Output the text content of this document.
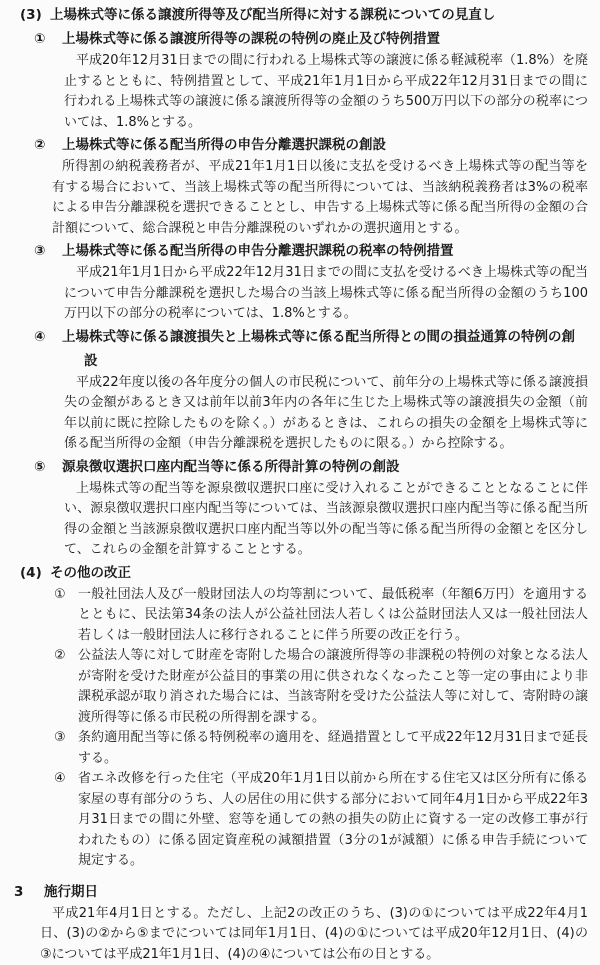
(3) 上場株式等に係る譲渡所得等及び配当所得に対する課税についての見直し
① 上場株式等に係る譲渡所得等の課税の特例の廃止及び特例措置

平成20年12月31日までの間に行われる上場株式等の譲渡に係る軽減税率（1.8%）を廃止するとともに、特例措置として、平成21年1月1日から平成22年12月31日までの間に行われる上場株式等の譲渡に係る譲渡所得等の金額のうち500万円以下の部分の税率については、1.8%とする。

② 上場株式等に係る配当所得の申告分離選択課税の創設

所得割の納税義務者が、平成21年1月1日以後に支払を受けるべき上場株式等の配当等を有する場合において、当該上場株式等の配当所得については、当該納税義務者は3%の税率による申告分離課税を選択できることとし、申告する上場株式等に係る配当所得の金額の合計額について、総合課税と申告分離課税のいずれかの選択適用とする。

③ 上場株式等に係る配当所得の申告分離選択課税の税率の特例措置

平成21年1月1日から平成22年12月31日までの間に支払を受けるべき上場株式等の配当について申告分離課税を選択した場合の当該上場株式等に係る配当所得の金額のうち100万円以下の部分の税率については、1.8%とする。

④ 上場株式等に係る譲渡損失と上場株式等に係る配当所得との間の損益通算の特例の創
設

平成22年度以後の各年度分の個人の市民税について、前年分の上場株式等に係る譲渡損失の金額があるとき又は前年以前3年内の各年に生じた上場株式等の譲渡損失の金額（前年以前に既に控除したものを除く。）があるときは、これらの損失の金額を上場株式等に係る配当所得の金額（申告分離課税を選択したものに限る。）から控除する。

⑤ 源泉徴収選択口座内配当等に係る所得計算の特例の創設

上場株式等の配当等を源泉徴収選択口座に受け入れることができることとなることに伴い、源泉徴収選択口座内配当等については、当該源泉徴収選択口座内配当等に係る配当所得の金額と当該源泉徴収選択口座内配当等以外の配当等に係る配当所得の金額とを区分して、これらの金額を計算することとする。

(4) その他の改正
① 一般社団法人及び一般財団法人の均等割について、最低税率（年額6万円）を適用するとともに、民法第34条の法人が公益社団法人若しくは公益財団法人又は一般社団法人若しくは一般財団法人に移行されることに伴う所要の改正を行う。
② 公益法人等に対して財産を寄附した場合の譲渡所得等の非課税の特例の対象となる法人が寄附を受けた財産が公益目的事業の用に供されなくなったこと等一定の事由により非課税承認が取り消された場合には、当該寄附を受けた公益法人等に対して、寄附時の譲渡所得等に係る市民税の所得割を課する。
③ 条約適用配当等に係る特例税率の適用を、経過措置として平成22年12月31日まで延長する。
④ 省エネ改修を行った住宅（平成20年1月1日以前から所在する住宅又は区分所有に係る家屋の専有部分のうち、人の居住の用に供する部分において同年4月1日から平成22年3月31日までの間に外壁、窓等を通しての熱の損失の防止に資する一定の改修工事が行われたもの）に係る固定資産税の減額措置（3分の1が減額）に係る申告手続について規定する。
3 施行期日

平成21年4月1日とする。ただし、上記2の改正のうち、(3)の①については平成22年4月1日、(3)の②から⑤までについては同年1月1日、(4)の①については平成20年12月1日、(4)の③については平成21年1月1日、(4)の④については公布の日とする。
